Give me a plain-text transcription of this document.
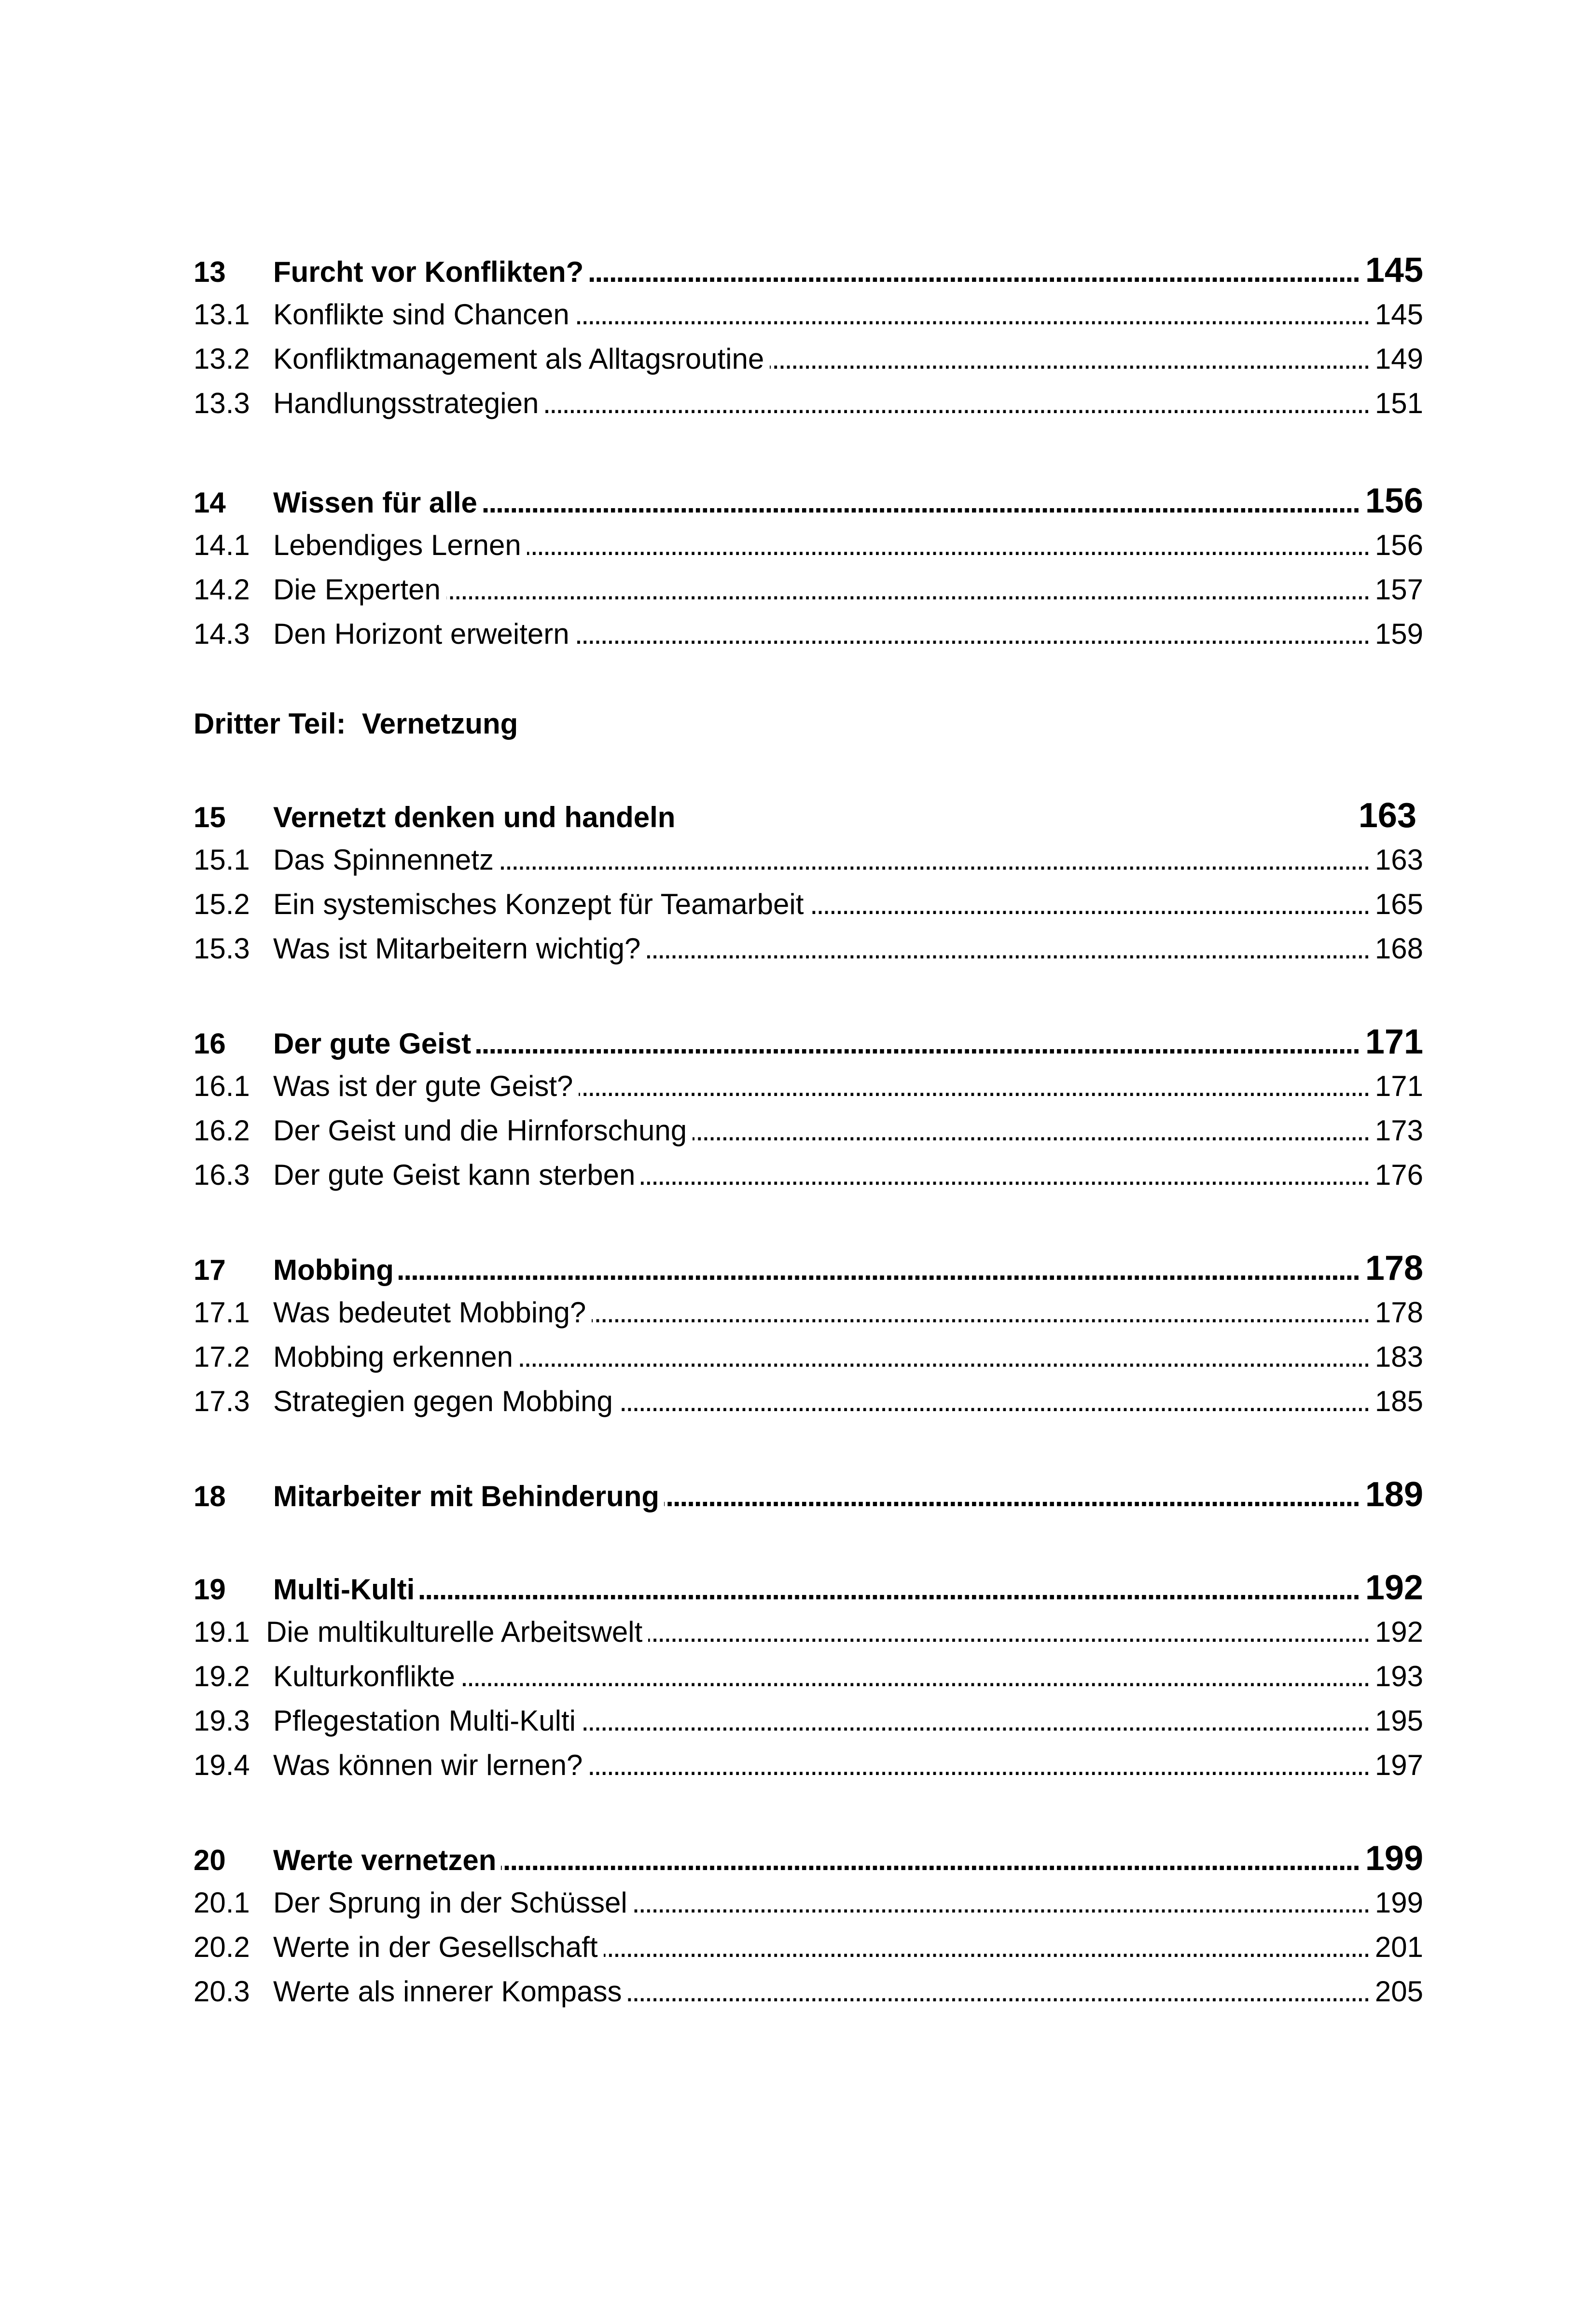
13	Furcht vor Konflikten? .....	145
13.1 Konflikte sind Chancen .....	145
13.2 Konfliktmanagement als Alltagsroutine .....	149
13.3 Handlungsstrategien .....	151
14	Wissen für alle .....	156
14.1 Lebendiges Lernen .....	156
14.2 Die Experten .....	157
14.3 Den Horizont erweitern .....	159
Dritter Teil:  Vernetzung
15	Vernetzt denken und handeln	163
15.1 Das Spinnennetz .....	163
15.2 Ein systemisches Konzept für Teamarbeit .....	165
15.3 Was ist Mitarbeitern wichtig? .....	168
16	Der gute Geist .....	171
16.1 Was ist der gute Geist? .....	171
16.2 Der Geist und die Hirnforschung .....	173
16.3 Der gute Geist kann sterben .....	176
17	Mobbing .....	178
17.1 Was bedeutet Mobbing? .....	178
17.2 Mobbing erkennen .....	183
17.3 Strategien gegen Mobbing .....	185
18	Mitarbeiter mit Behinderung .....	189
19	Multi-Kulti .....	192
19.1 Die multikulturelle Arbeitswelt .....	192
19.2 Kulturkonflikte .....	193
19.3 Pflegestation Multi-Kulti .....	195
19.4 Was können wir lernen? .....	197
20	Werte vernetzen .....	199
20.1 Der Sprung in der Schüssel .....	199
20.2 Werte in der Gesellschaft .....	201
20.3 Werte als innerer Kompass .....	205
